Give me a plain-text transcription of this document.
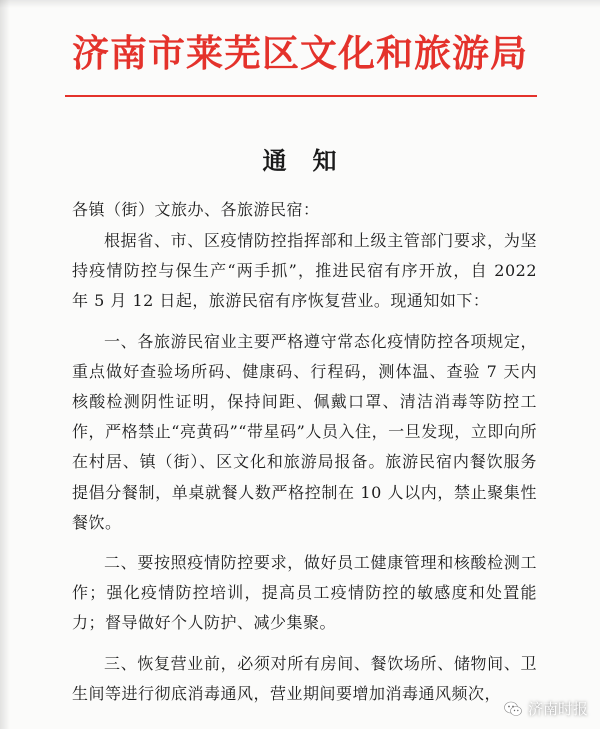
济南市莱芜区文化和旅游局
通　知

各镇（街）文旅办、各旅游民宿：

根据省、市、区疫情防控指挥部和上级主管部门要求，为坚持疫情防控与保生产“两手抓”，推进民宿有序开放，自 2022 年 5 月 12 日起，旅游民宿有序恢复营业。现通知如下：

一、各旅游民宿业主要严格遵守常态化疫情防控各项规定，重点做好查验场所码、健康码、行程码，测体温、查验 7 天内核酸检测阴性证明，保持间距、佩戴口罩、清洁消毒等防控工作，严格禁止“亮黄码”“带星码”人员入住，一旦发现，立即向所在村居、镇（街）、区文化和旅游局报备。旅游民宿内餐饮服务提倡分餐制，单桌就餐人数严格控制在 10 人以内，禁止聚集性餐饮。

二、要按照疫情防控要求，做好员工健康管理和核酸检测工作；强化疫情防控培训，提高员工疫情防控的敏感度和处置能力；督导做好个人防护、减少集聚。

三、恢复营业前，必须对所有房间、餐饮场所、储物间、卫生间等进行彻底消毒通风，营业期间要增加消毒通风频次，

济南时报
